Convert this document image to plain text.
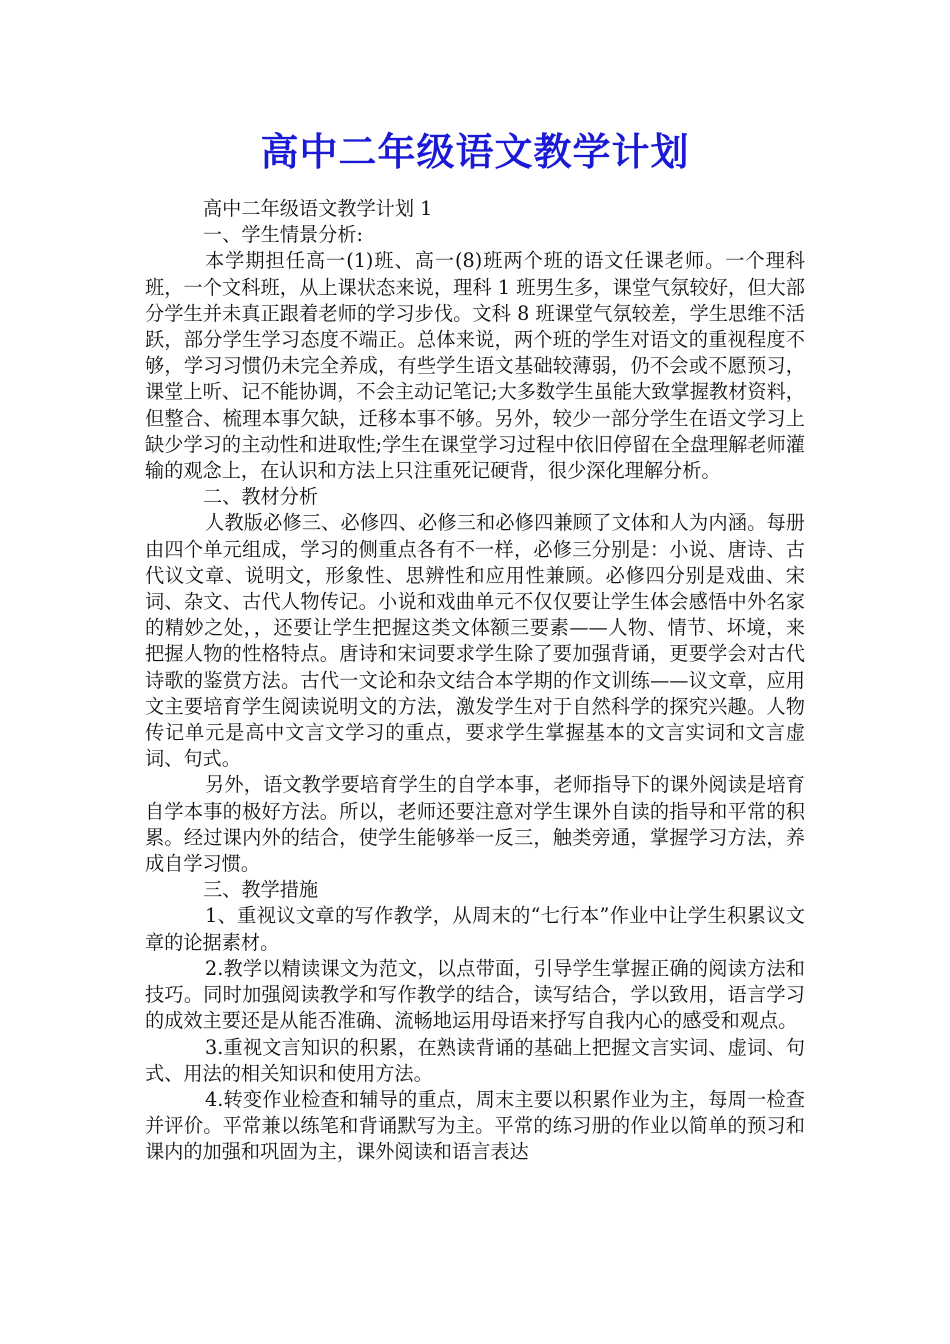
高中二年级语文教学计划

高中二年级语文教学计划 1

一、学生情景分析:

本学期担任高一(1)班、高一(8)班两个班的语文任课老师。一个理科班，一个文科班，从上课状态来说，理科 1 班男生多，课堂气氛较好，但大部分学生并未真正跟着老师的学习步伐。文科 8 班课堂气氛较差，学生思维不活跃，部分学生学习态度不端正。总体来说，两个班的学生对语文的重视程度不够，学习习惯仍未完全养成，有些学生语文基础较薄弱，仍不会或不愿预习，课堂上听、记不能协调，不会主动记笔记;大多数学生虽能大致掌握教材资料，但整合、梳理本事欠缺，迁移本事不够。另外，较少一部分学生在语文学习上缺少学习的主动性和进取性;学生在课堂学习过程中依旧停留在全盘理解老师灌输的观念上，在认识和方法上只注重死记硬背，很少深化理解分析。

二、教材分析

人教版必修三、必修四、必修三和必修四兼顾了文体和人为内涵。每册由四个单元组成，学习的侧重点各有不一样，必修三分别是：小说、唐诗、古代议文章、说明文，形象性、思辨性和应用性兼顾。必修四分别是戏曲、宋词、杂文、古代人物传记。小说和戏曲单元不仅仅要让学生体会感悟中外名家的精妙之处，，还要让学生把握这类文体额三要素——人物、情节、坏境，来把握人物的性格特点。唐诗和宋词要求学生除了要加强背诵，更要学会对古代诗歌的鉴赏方法。古代一文论和杂文结合本学期的作文训练——议文章，应用文主要培育学生阅读说明文的方法，激发学生对于自然科学的探究兴趣。人物传记单元是高中文言文学习的重点，要求学生掌握基本的文言实词和文言虚词、句式。

另外，语文教学要培育学生的自学本事，老师指导下的课外阅读是培育自学本事的极好方法。所以，老师还要注意对学生课外自读的指导和平常的积累。经过课内外的结合，使学生能够举一反三，触类旁通，掌握学习方法，养成自学习惯。

三、教学措施

1、重视议文章的写作教学，从周末的“七行本”作业中让学生积累议文章的论据素材。

2.教学以精读课文为范文，以点带面，引导学生掌握正确的阅读方法和技巧。同时加强阅读教学和写作教学的结合，读写结合，学以致用，语言学习的成效主要还是从能否准确、流畅地运用母语来抒写自我内心的感受和观点。

3.重视文言知识的积累，在熟读背诵的基础上把握文言实词、虚词、句式、用法的相关知识和使用方法。

4.转变作业检查和辅导的重点，周末主要以积累作业为主，每周一检查并评价。平常兼以练笔和背诵默写为主。平常的练习册的作业以简单的预习和课内的加强和巩固为主，课外阅读和语言表达
